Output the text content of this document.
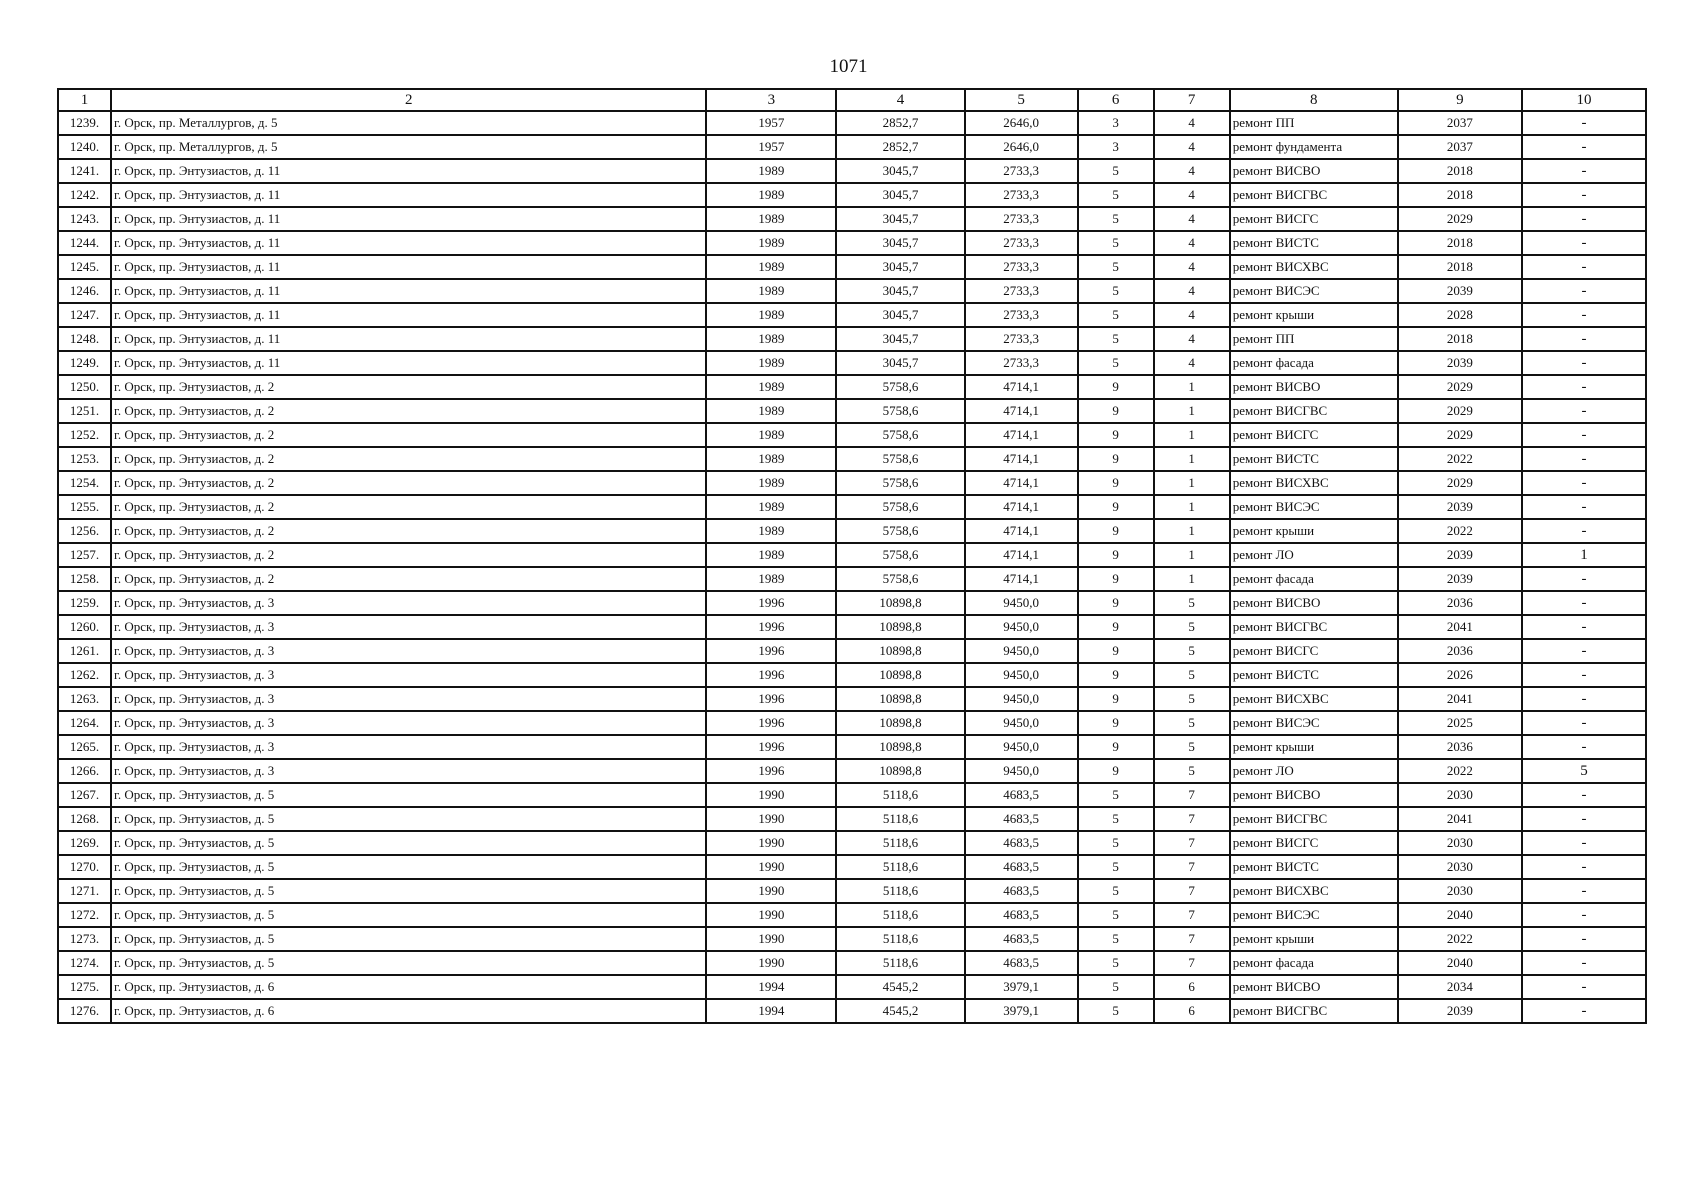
1071
1	2	3	4	5	6	7	8	9	10
1239.	г. Орск, пр. Металлургов, д. 5	1957	2852,7	2646,0	3	4	ремонт ПП	2037	-
1240.	г. Орск, пр. Металлургов, д. 5	1957	2852,7	2646,0	3	4	ремонт фундамента	2037	-
1241.	г. Орск, пр. Энтузиастов, д. 11	1989	3045,7	2733,3	5	4	ремонт ВИСВО	2018	-
1242.	г. Орск, пр. Энтузиастов, д. 11	1989	3045,7	2733,3	5	4	ремонт ВИСГВС	2018	-
1243.	г. Орск, пр. Энтузиастов, д. 11	1989	3045,7	2733,3	5	4	ремонт ВИСГС	2029	-
1244.	г. Орск, пр. Энтузиастов, д. 11	1989	3045,7	2733,3	5	4	ремонт ВИСТС	2018	-
1245.	г. Орск, пр. Энтузиастов, д. 11	1989	3045,7	2733,3	5	4	ремонт ВИСХВС	2018	-
1246.	г. Орск, пр. Энтузиастов, д. 11	1989	3045,7	2733,3	5	4	ремонт ВИСЭС	2039	-
1247.	г. Орск, пр. Энтузиастов, д. 11	1989	3045,7	2733,3	5	4	ремонт крыши	2028	-
1248.	г. Орск, пр. Энтузиастов, д. 11	1989	3045,7	2733,3	5	4	ремонт ПП	2018	-
1249.	г. Орск, пр. Энтузиастов, д. 11	1989	3045,7	2733,3	5	4	ремонт фасада	2039	-
1250.	г. Орск, пр. Энтузиастов, д. 2	1989	5758,6	4714,1	9	1	ремонт ВИСВО	2029	-
1251.	г. Орск, пр. Энтузиастов, д. 2	1989	5758,6	4714,1	9	1	ремонт ВИСГВС	2029	-
1252.	г. Орск, пр. Энтузиастов, д. 2	1989	5758,6	4714,1	9	1	ремонт ВИСГС	2029	-
1253.	г. Орск, пр. Энтузиастов, д. 2	1989	5758,6	4714,1	9	1	ремонт ВИСТС	2022	-
1254.	г. Орск, пр. Энтузиастов, д. 2	1989	5758,6	4714,1	9	1	ремонт ВИСХВС	2029	-
1255.	г. Орск, пр. Энтузиастов, д. 2	1989	5758,6	4714,1	9	1	ремонт ВИСЭС	2039	-
1256.	г. Орск, пр. Энтузиастов, д. 2	1989	5758,6	4714,1	9	1	ремонт крыши	2022	-
1257.	г. Орск, пр. Энтузиастов, д. 2	1989	5758,6	4714,1	9	1	ремонт ЛО	2039	1
1258.	г. Орск, пр. Энтузиастов, д. 2	1989	5758,6	4714,1	9	1	ремонт фасада	2039	-
1259.	г. Орск, пр. Энтузиастов, д. 3	1996	10898,8	9450,0	9	5	ремонт ВИСВО	2036	-
1260.	г. Орск, пр. Энтузиастов, д. 3	1996	10898,8	9450,0	9	5	ремонт ВИСГВС	2041	-
1261.	г. Орск, пр. Энтузиастов, д. 3	1996	10898,8	9450,0	9	5	ремонт ВИСГС	2036	-
1262.	г. Орск, пр. Энтузиастов, д. 3	1996	10898,8	9450,0	9	5	ремонт ВИСТС	2026	-
1263.	г. Орск, пр. Энтузиастов, д. 3	1996	10898,8	9450,0	9	5	ремонт ВИСХВС	2041	-
1264.	г. Орск, пр. Энтузиастов, д. 3	1996	10898,8	9450,0	9	5	ремонт ВИСЭС	2025	-
1265.	г. Орск, пр. Энтузиастов, д. 3	1996	10898,8	9450,0	9	5	ремонт крыши	2036	-
1266.	г. Орск, пр. Энтузиастов, д. 3	1996	10898,8	9450,0	9	5	ремонт ЛО	2022	5
1267.	г. Орск, пр. Энтузиастов, д. 5	1990	5118,6	4683,5	5	7	ремонт ВИСВО	2030	-
1268.	г. Орск, пр. Энтузиастов, д. 5	1990	5118,6	4683,5	5	7	ремонт ВИСГВС	2041	-
1269.	г. Орск, пр. Энтузиастов, д. 5	1990	5118,6	4683,5	5	7	ремонт ВИСГС	2030	-
1270.	г. Орск, пр. Энтузиастов, д. 5	1990	5118,6	4683,5	5	7	ремонт ВИСТС	2030	-
1271.	г. Орск, пр. Энтузиастов, д. 5	1990	5118,6	4683,5	5	7	ремонт ВИСХВС	2030	-
1272.	г. Орск, пр. Энтузиастов, д. 5	1990	5118,6	4683,5	5	7	ремонт ВИСЭС	2040	-
1273.	г. Орск, пр. Энтузиастов, д. 5	1990	5118,6	4683,5	5	7	ремонт крыши	2022	-
1274.	г. Орск, пр. Энтузиастов, д. 5	1990	5118,6	4683,5	5	7	ремонт фасада	2040	-
1275.	г. Орск, пр. Энтузиастов, д. 6	1994	4545,2	3979,1	5	6	ремонт ВИСВО	2034	-
1276.	г. Орск, пр. Энтузиастов, д. 6	1994	4545,2	3979,1	5	6	ремонт ВИСГВС	2039	-
